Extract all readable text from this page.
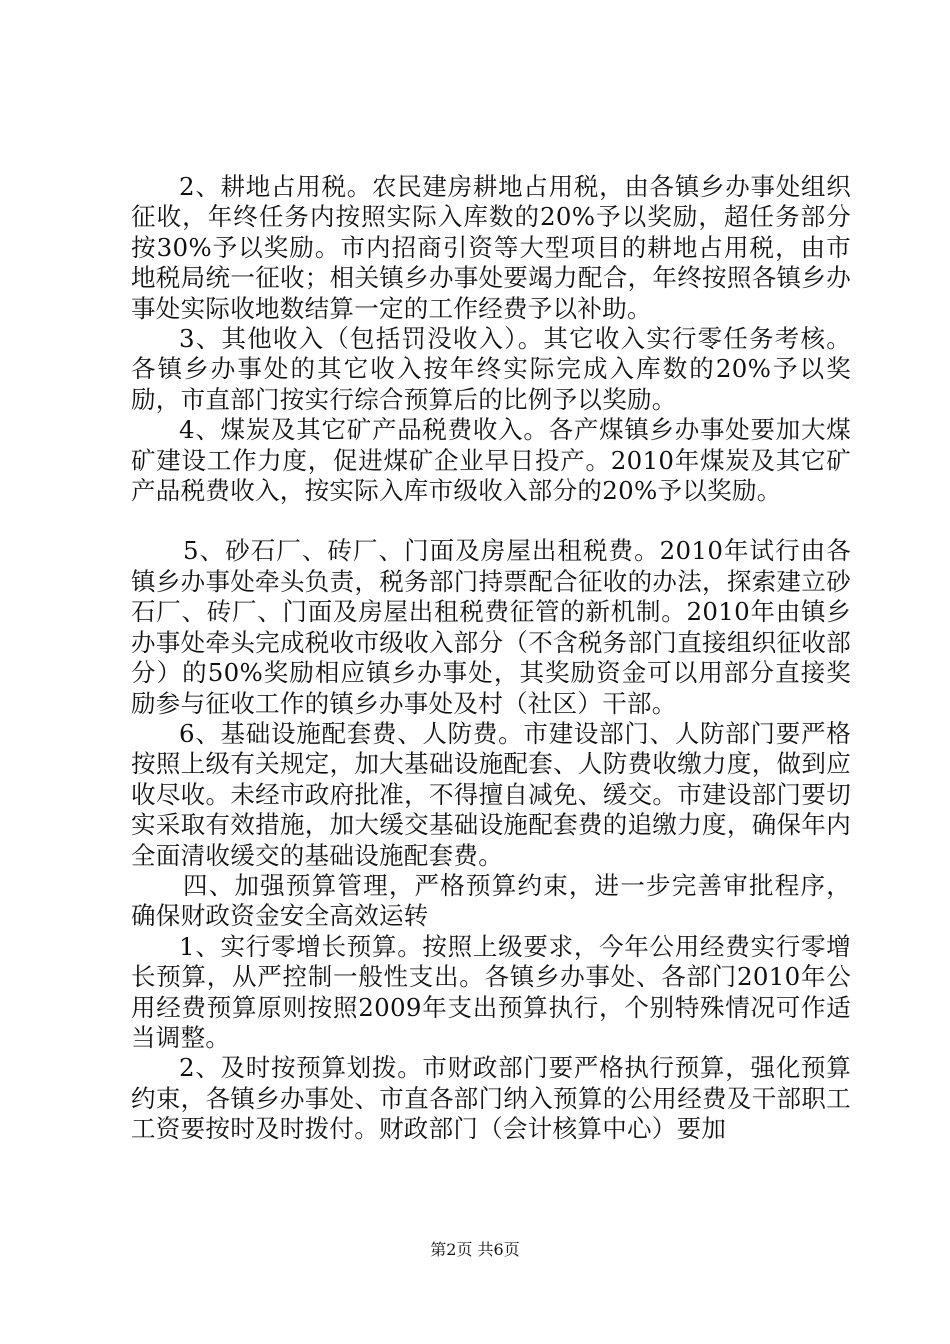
2、耕地占用税。农民建房耕地占用税，由各镇乡办事处组织征收，年终任务内按照实际入库数的20%予以奖励，超任务部分按30%予以奖励。市内招商引资等大型项目的耕地占用税，由市地税局统一征收；相关镇乡办事处要竭力配合，年终按照各镇乡办事处实际收地数结算一定的工作经费予以补助。

3、其他收入（包括罚没收入）。其它收入实行零任务考核。各镇乡办事处的其它收入按年终实际完成入库数的20%予以奖励，市直部门按实行综合预算后的比例予以奖励。

4、煤炭及其它矿产品税费收入。各产煤镇乡办事处要加大煤矿建设工作力度，促进煤矿企业早日投产。2010年煤炭及其它矿产品税费收入，按实际入库市级收入部分的20%予以奖励。

5、砂石厂、砖厂、门面及房屋出租税费。2010年试行由各镇乡办事处牵头负责，税务部门持票配合征收的办法，探索建立砂石厂、砖厂、门面及房屋出租税费征管的新机制。2010年由镇乡办事处牵头完成税收市级收入部分（不含税务部门直接组织征收部分）的50%奖励相应镇乡办事处，其奖励资金可以用部分直接奖励参与征收工作的镇乡办事处及村（社区）干部。

6、基础设施配套费、人防费。市建设部门、人防部门要严格按照上级有关规定，加大基础设施配套、人防费收缴力度，做到应收尽收。未经市政府批准，不得擅自减免、缓交。市建设部门要切实采取有效措施，加大缓交基础设施配套费的追缴力度，确保年内全面清收缓交的基础设施配套费。

四、加强预算管理，严格预算约束，进一步完善审批程序，确保财政资金安全高效运转

1、实行零增长预算。按照上级要求，今年公用经费实行零增长预算，从严控制一般性支出。各镇乡办事处、各部门2010年公用经费预算原则按照2009年支出预算执行，个别特殊情况可作适当调整。

2、及时按预算划拨。市财政部门要严格执行预算，强化预算约束，各镇乡办事处、市直各部门纳入预算的公用经费及干部职工工资要按时及时拨付。财政部门（会计核算中心）要加

第2页 共6页
